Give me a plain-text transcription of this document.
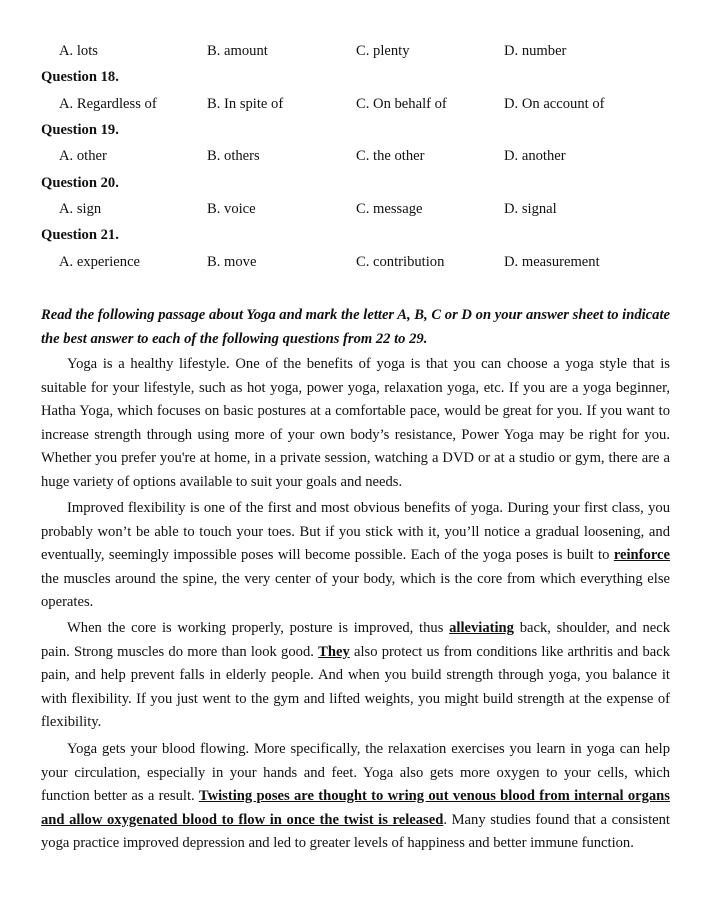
A. lots	B. amount	C. plenty	D. number
Question 18.
A. Regardless of	B. In spite of	C. On behalf of	D. On account of
Question 19.
A. other	B. others	C. the other	D. another
Question 20.
A. sign	B. voice	C. message	D. signal
Question 21.
A. experience	B. move	C. contribution	D. measurement
Read the following passage about Yoga and mark the letter A, B, C or D on your answer sheet to indicate the best answer to each of the following questions from 22 to 29.

Yoga is a healthy lifestyle. One of the benefits of yoga is that you can choose a yoga style that is suitable for your lifestyle, such as hot yoga, power yoga, relaxation yoga, etc. If you are a yoga beginner, Hatha Yoga, which focuses on basic postures at a comfortable pace, would be great for you. If you want to increase strength through using more of your own body’s resistance, Power Yoga may be right for you. Whether you prefer you're at home, in a private session, watching a DVD or at a studio or gym, there are a huge variety of options available to suit your goals and needs.

Improved flexibility is one of the first and most obvious benefits of yoga. During your first class, you probably won’t be able to touch your toes. But if you stick with it, you’ll notice a gradual loosening, and eventually, seemingly impossible poses will become possible. Each of the yoga poses is built to reinforce the muscles around the spine, the very center of your body, which is the core from which everything else operates.

When the core is working properly, posture is improved, thus alleviating back, shoulder, and neck pain. Strong muscles do more than look good. They also protect us from conditions like arthritis and back pain, and help prevent falls in elderly people. And when you build strength through yoga, you balance it with flexibility. If you just went to the gym and lifted weights, you might build strength at the expense of flexibility.

Yoga gets your blood flowing. More specifically, the relaxation exercises you learn in yoga can help your circulation, especially in your hands and feet. Yoga also gets more oxygen to your cells, which function better as a result. Twisting poses are thought to wring out venous blood from internal organs and allow oxygenated blood to flow in once the twist is released. Many studies found that a consistent yoga practice improved depression and led to greater levels of happiness and better immune function.
